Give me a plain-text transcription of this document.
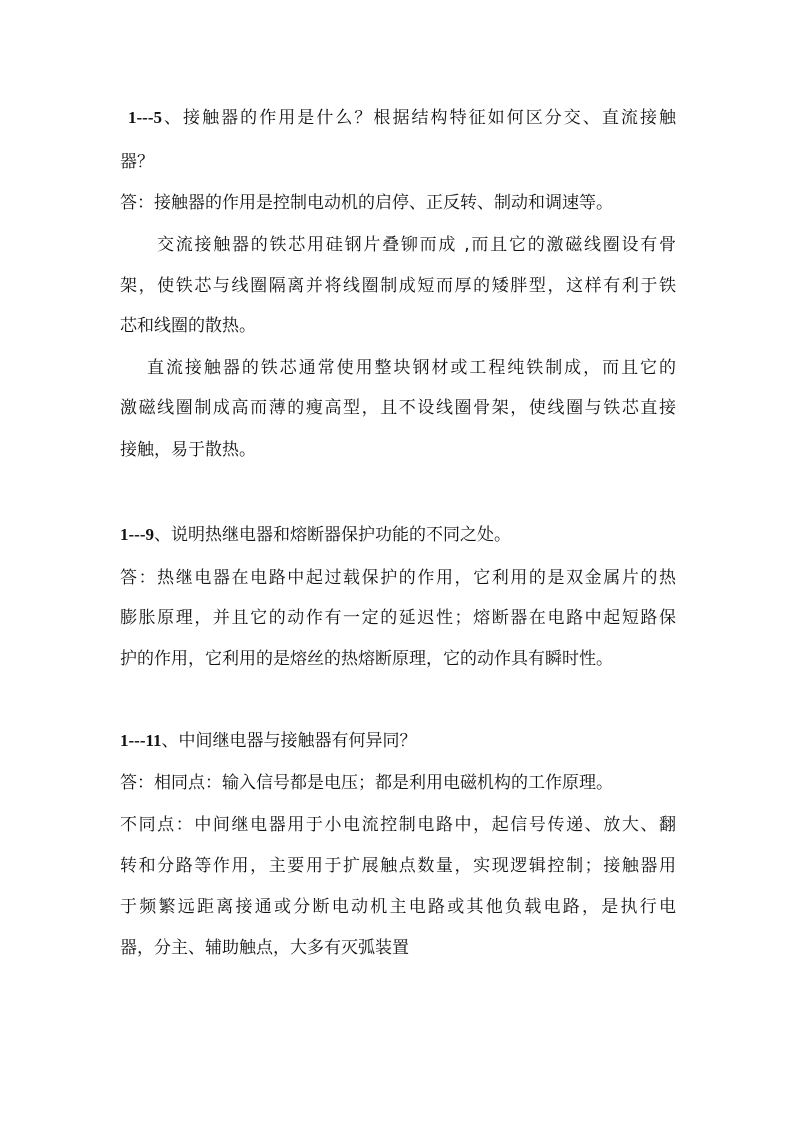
1---5、接触器的作用是什么？根据结构特征如何区分交、直流接触
器？
答：接触器的作用是控制电动机的启停、正反转、制动和调速等。
交流接触器的铁芯用硅钢片叠铆而成 ,而且它的激磁线圈设有骨
架，使铁芯与线圈隔离并将线圈制成短而厚的矮胖型，这样有利于铁
芯和线圈的散热。
直流接触器的铁芯通常使用整块钢材或工程纯铁制成，而且它的
激磁线圈制成高而薄的瘦高型，且不设线圈骨架，使线圈与铁芯直接
接触，易于散热。
1---9、说明热继电器和熔断器保护功能的不同之处。
答：热继电器在电路中起过载保护的作用，它利用的是双金属片的热
膨胀原理，并且它的动作有一定的延迟性；熔断器在电路中起短路保
护的作用，它利用的是熔丝的热熔断原理，它的动作具有瞬时性。
1---11、中间继电器与接触器有何异同？
答：相同点：输入信号都是电压；都是利用电磁机构的工作原理。
不同点：中间继电器用于小电流控制电路中，起信号传递、放大、翻
转和分路等作用，主要用于扩展触点数量，实现逻辑控制；接触器用
于频繁远距离接通或分断电动机主电路或其他负载电路，是执行电
器，分主、辅助触点，大多有灭弧装置
